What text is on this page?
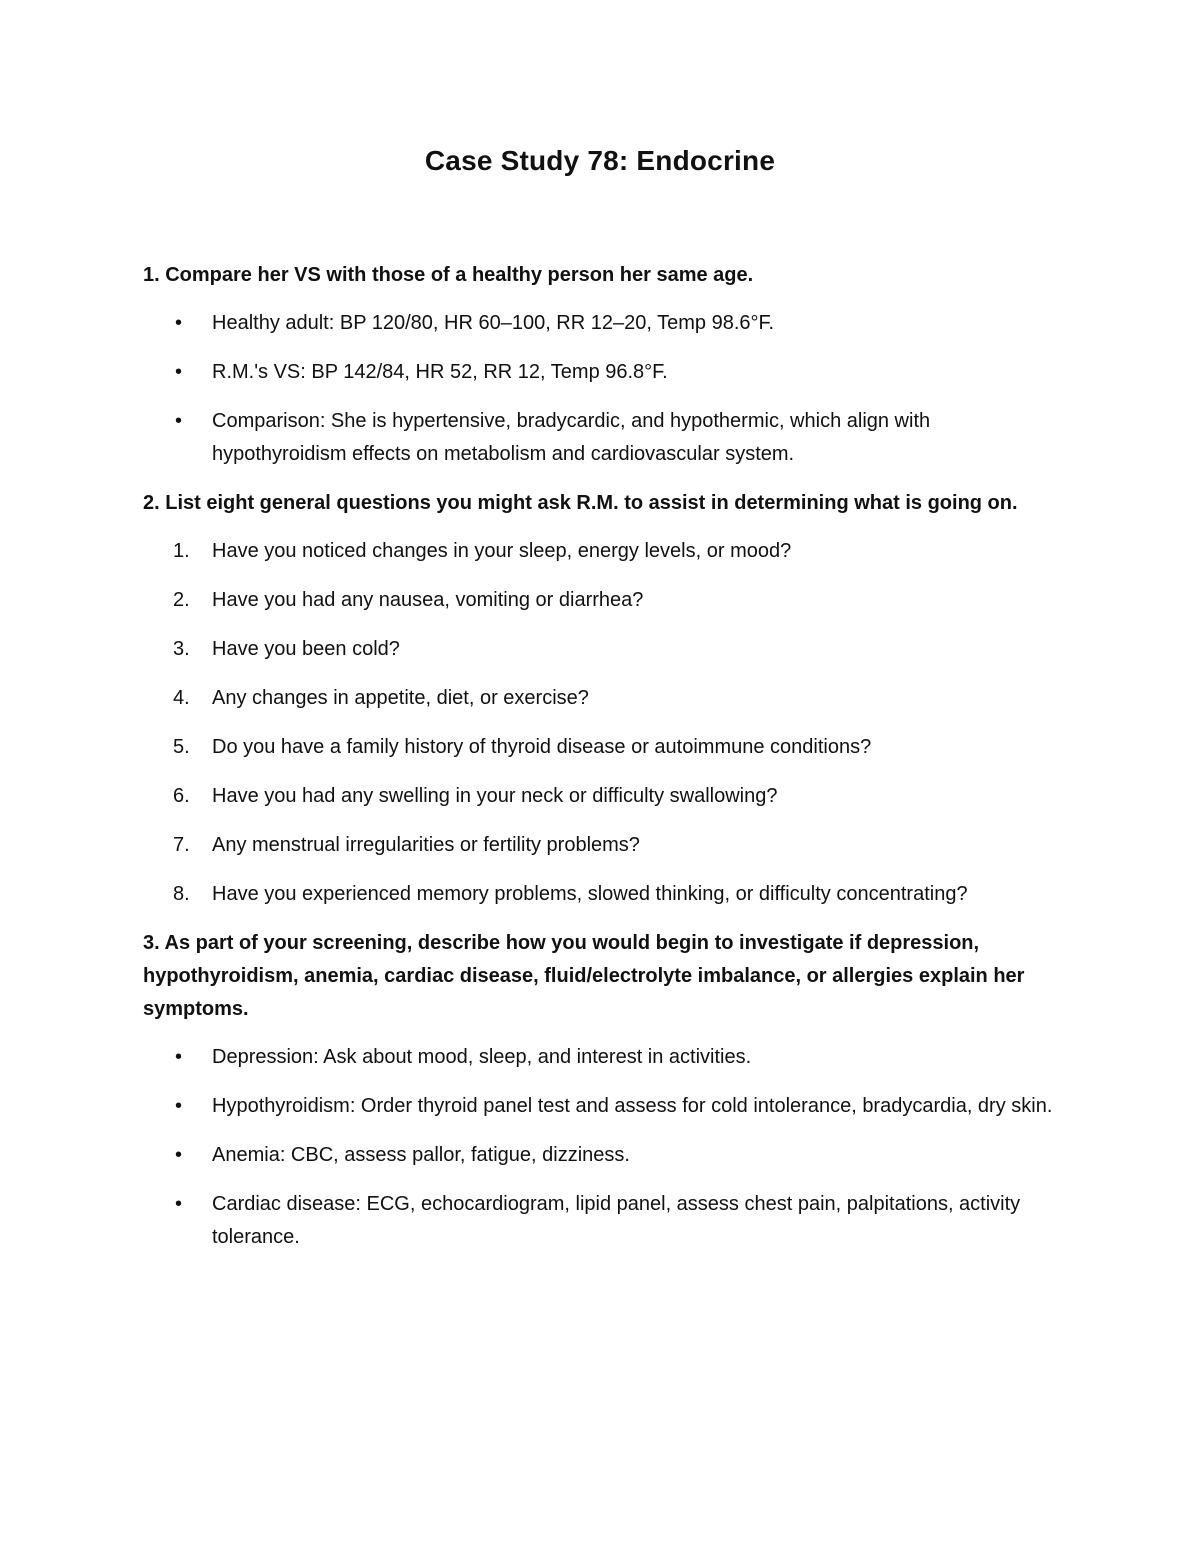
Case Study 78: Endocrine
1. Compare her VS with those of a healthy person her same age.
• Healthy adult: BP 120/80, HR 60–100, RR 12–20, Temp 98.6°F.
• R.M.'s VS: BP 142/84, HR 52, RR 12, Temp 96.8°F.
• Comparison: She is hypertensive, bradycardic, and hypothermic, which align with hypothyroidism effects on metabolism and cardiovascular system.
2. List eight general questions you might ask R.M. to assist in determining what is going on.
1. Have you noticed changes in your sleep, energy levels, or mood?
2. Have you had any nausea, vomiting or diarrhea?
3. Have you been cold?
4. Any changes in appetite, diet, or exercise?
5. Do you have a family history of thyroid disease or autoimmune conditions?
6. Have you had any swelling in your neck or difficulty swallowing?
7. Any menstrual irregularities or fertility problems?
8. Have you experienced memory problems, slowed thinking, or difficulty concentrating?
3. As part of your screening, describe how you would begin to investigate if depression, hypothyroidism, anemia, cardiac disease, fluid/electrolyte imbalance, or allergies explain her symptoms.
• Depression: Ask about mood, sleep, and interest in activities.
• Hypothyroidism: Order thyroid panel test and assess for cold intolerance, bradycardia, dry skin.
• Anemia: CBC, assess pallor, fatigue, dizziness.
• Cardiac disease: ECG, echocardiogram, lipid panel, assess chest pain, palpitations, activity tolerance.
